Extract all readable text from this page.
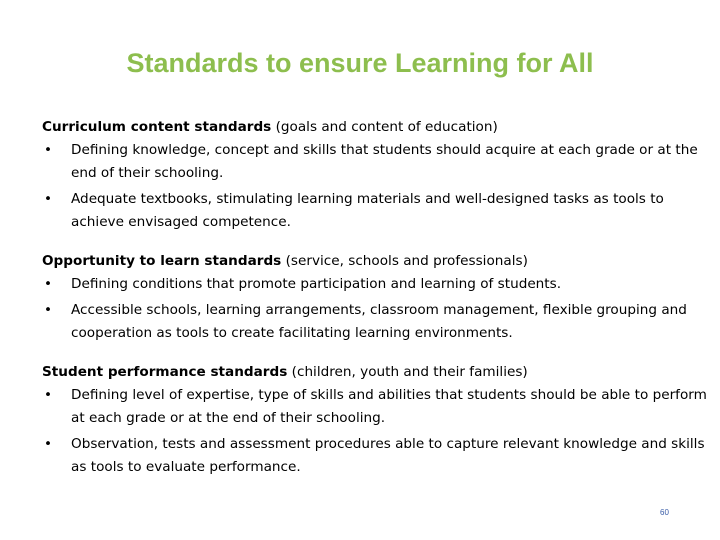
Standards to ensure Learning for All
Curriculum content standards (goals and content of education)
• Defining knowledge, concept and skills that students should acquire at each grade or at the end of their schooling.
• Adequate textbooks, stimulating learning materials and well-designed tasks as tools to achieve envisaged competence.
Opportunity to learn standards (service, schools and professionals)
• Defining conditions that promote participation and learning of students.
• Accessible schools, learning arrangements, classroom management, flexible grouping and cooperation as tools to create facilitating learning environments.
Student performance standards (children, youth and their families)
• Defining level of expertise, type of skills and abilities that students should be able to perform at each grade or at the end of their schooling.
• Observation, tests and assessment procedures able to capture relevant knowledge and skills as tools to evaluate performance.
60
